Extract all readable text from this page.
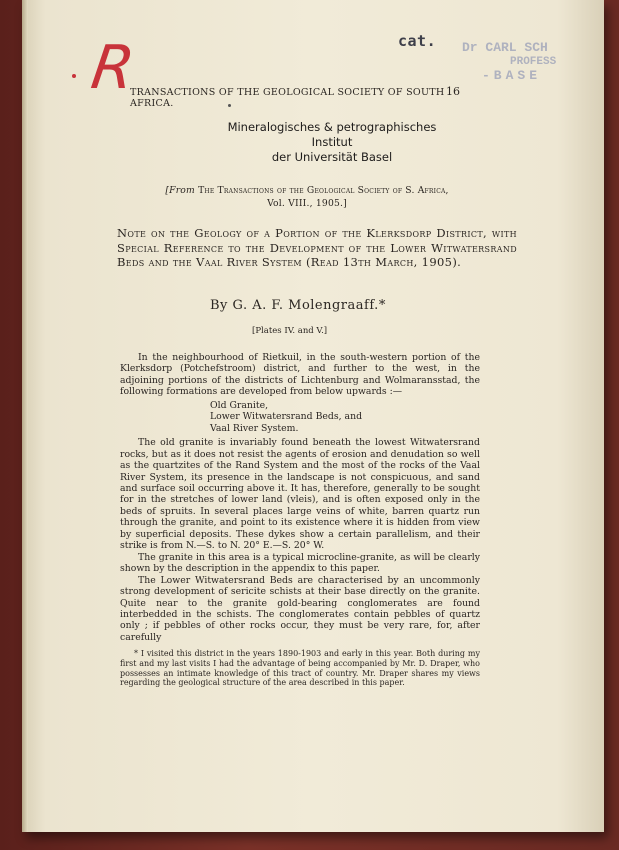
R	cat. Dr CARL SCH
PROFESS
-BASE
TRANSACTIONS OF THE GEOLOGICAL SOCIETY OF SOUTH AFRICA.
16
Mineralogisches & petrographisches
Institut
der Universität Basel
[From The Transactions of the Geological Society of S. Africa,
Vol. VIII., 1905.]
Note on the Geology of a Portion of the Klerksdorp District, with Special Reference to the Development of the Lower Witwatersrand Beds and the Vaal River System (Read 13th March, 1905).
By G. A. F. Molengraaff.*
[Plates IV. and V.]

In the neighbourhood of Rietkuil, in the south-western portion of the Klerksdorp (Potchefstroom) district, and further to the west, in the adjoining portions of the districts of Lichtenburg and Wolmaransstad, the following formations are developed from below upwards :—

Old Granite,
Lower Witwatersrand Beds, and
Vaal River System.

The old granite is invariably found beneath the lowest Witwatersrand rocks, but as it does not resist the agents of erosion and denudation so well as the quartzites of the Rand System and the most of the rocks of the Vaal River System, its presence in the landscape is not conspicuous, and sand and surface soil occurring above it. It has, therefore, generally to be sought for in the stretches of lower land (vleis), and is often exposed only in the beds of spruits. In several places large veins of white, barren quartz run through the granite, and point to its existence where it is hidden from view by superficial deposits. These dykes show a certain parallelism, and their strike is from N.—S. to N. 20° E.—S. 20° W.

The granite in this area is a typical microcline-granite, as will be clearly shown by the description in the appendix to this paper.

The Lower Witwatersrand Beds are characterised by an uncommonly strong development of sericite schists at their base directly on the granite. Quite near to the granite gold-bearing conglomerates are found interbedded in the schists. The conglomerates contain pebbles of quartz only ; if pebbles of other rocks occur, they must be very rare, for, after carefully

* I visited this district in the years 1890-1903 and early in this year. Both during my first and my last visits I had the advantage of being accompanied by Mr. D. Draper, who possesses an intimate knowledge of this tract of country. Mr. Draper shares my views regarding the geological structure of the area described in this paper.
